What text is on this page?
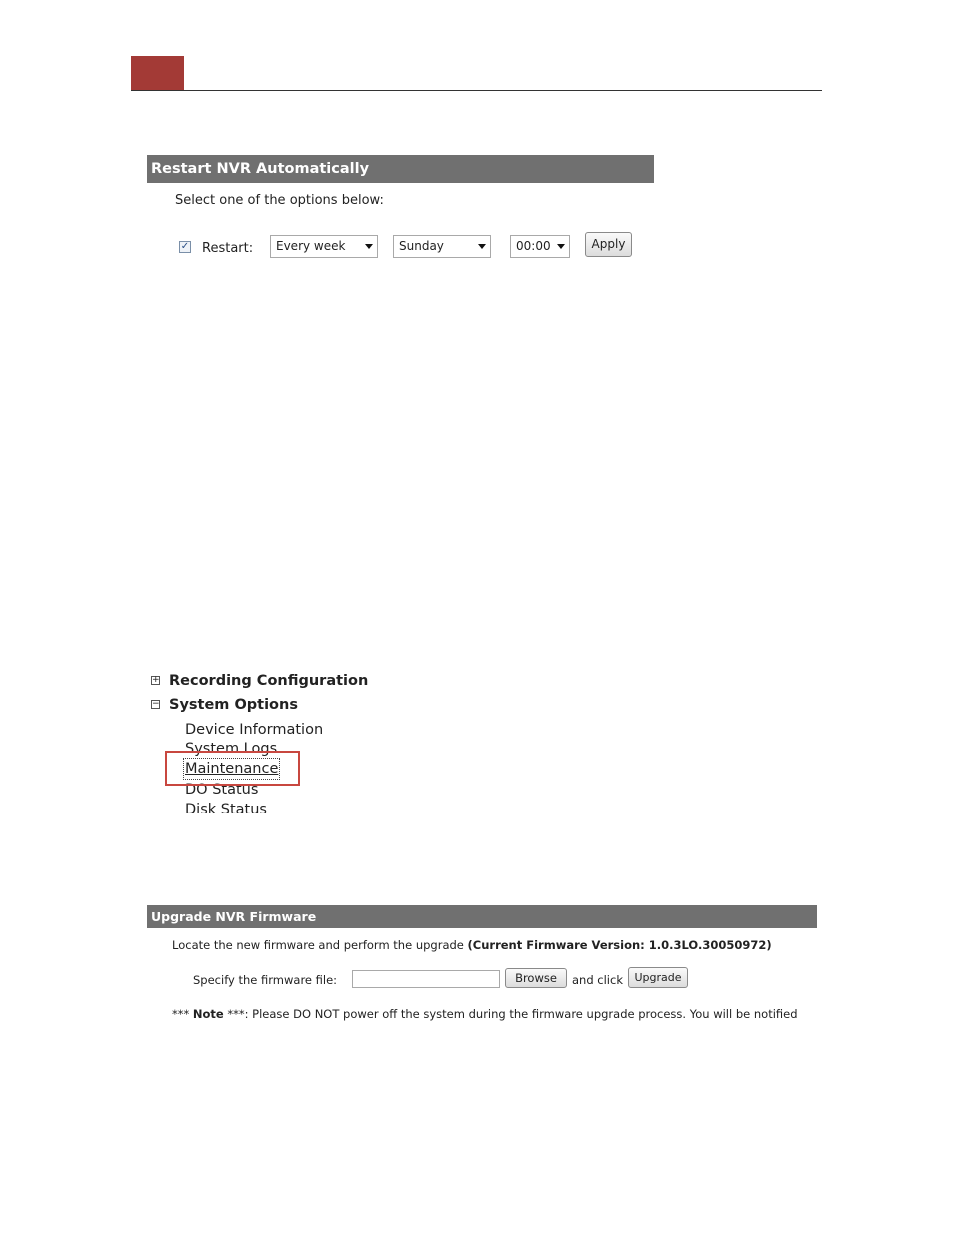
Restart NVR Automatically
Select one of the options below:
✓ Restart:	Every week	Sunday	00:00	Apply
+ Recording Configuration
− System Options
Device Information
System Logs
Maintenance
DO Status
Disk Status
Upgrade NVR Firmware
Locate the new firmware and perform the upgrade (Current Firmware Version: 1.0.3LO.30050972)
Specify the firmware file:	Browse	and click	Upgrade
*** Note ***: Please DO NOT power off the system during the firmware upgrade process. You will be notified
